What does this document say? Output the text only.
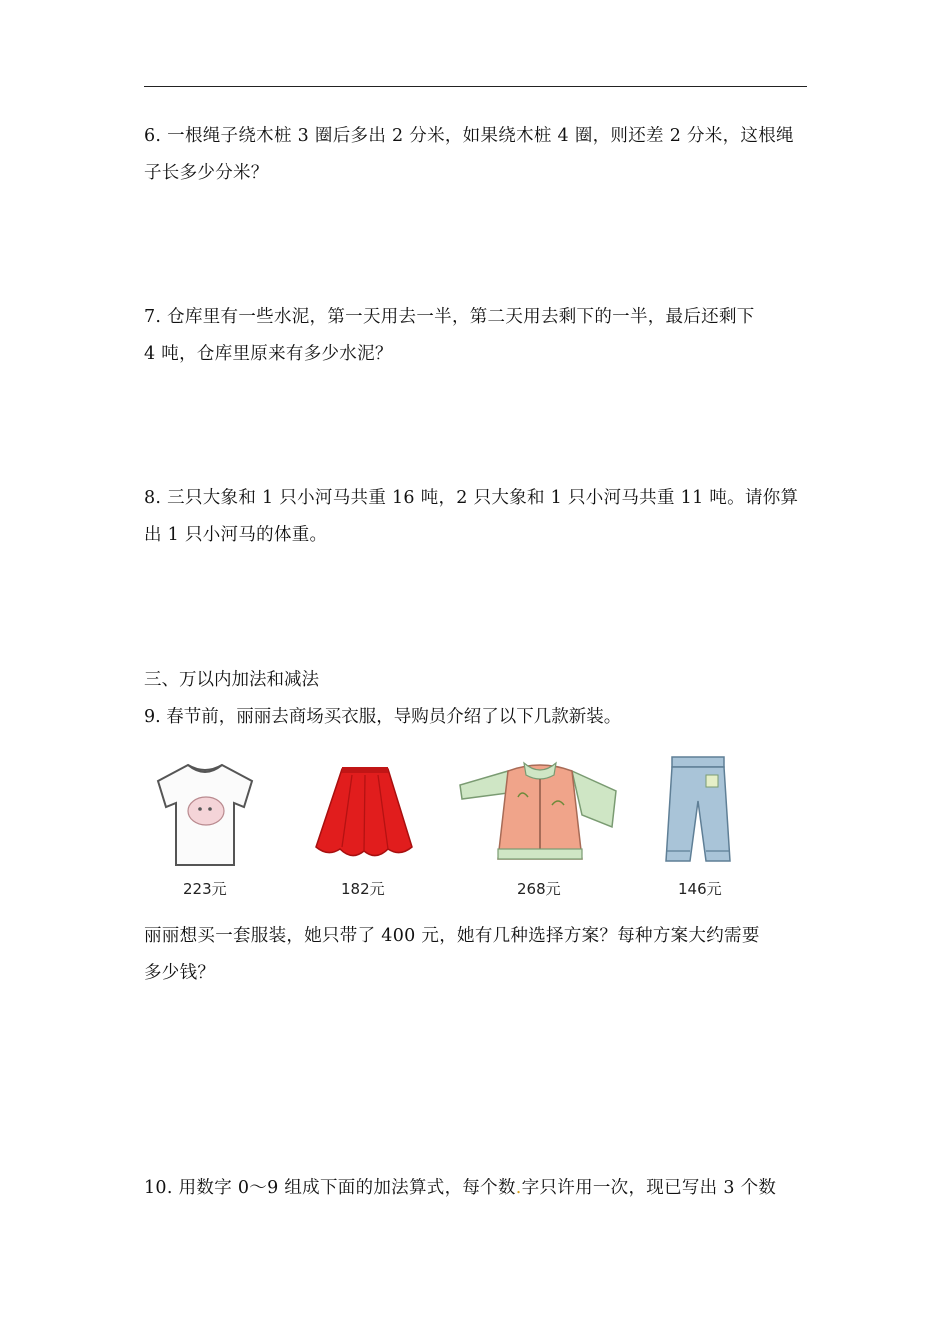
6. 一根绳子绕木桩 3 圈后多出 2 分米，如果绕木桩 4 圈，则还差 2 分米，这根绳
子长多少分米？
7. 仓库里有一些水泥，第一天用去一半，第二天用去剩下的一半，最后还剩下
4 吨，仓库里原来有多少水泥？
8. 三只大象和 1 只小河马共重 16 吨，2 只大象和 1 只小河马共重 11 吨。请你算
出 1 只小河马的体重。
三、万以内加法和减法
9. 春节前，丽丽去商场买衣服，导购员介绍了以下几款新装。
223元	182元	268元	146元
丽丽想买一套服装，她只带了 400 元，她有几种选择方案？每种方案大约需要
多少钱？
10. 用数字 0～9 组成下面的加法算式，每个数.字只许用一次，现已写出 3 个数
